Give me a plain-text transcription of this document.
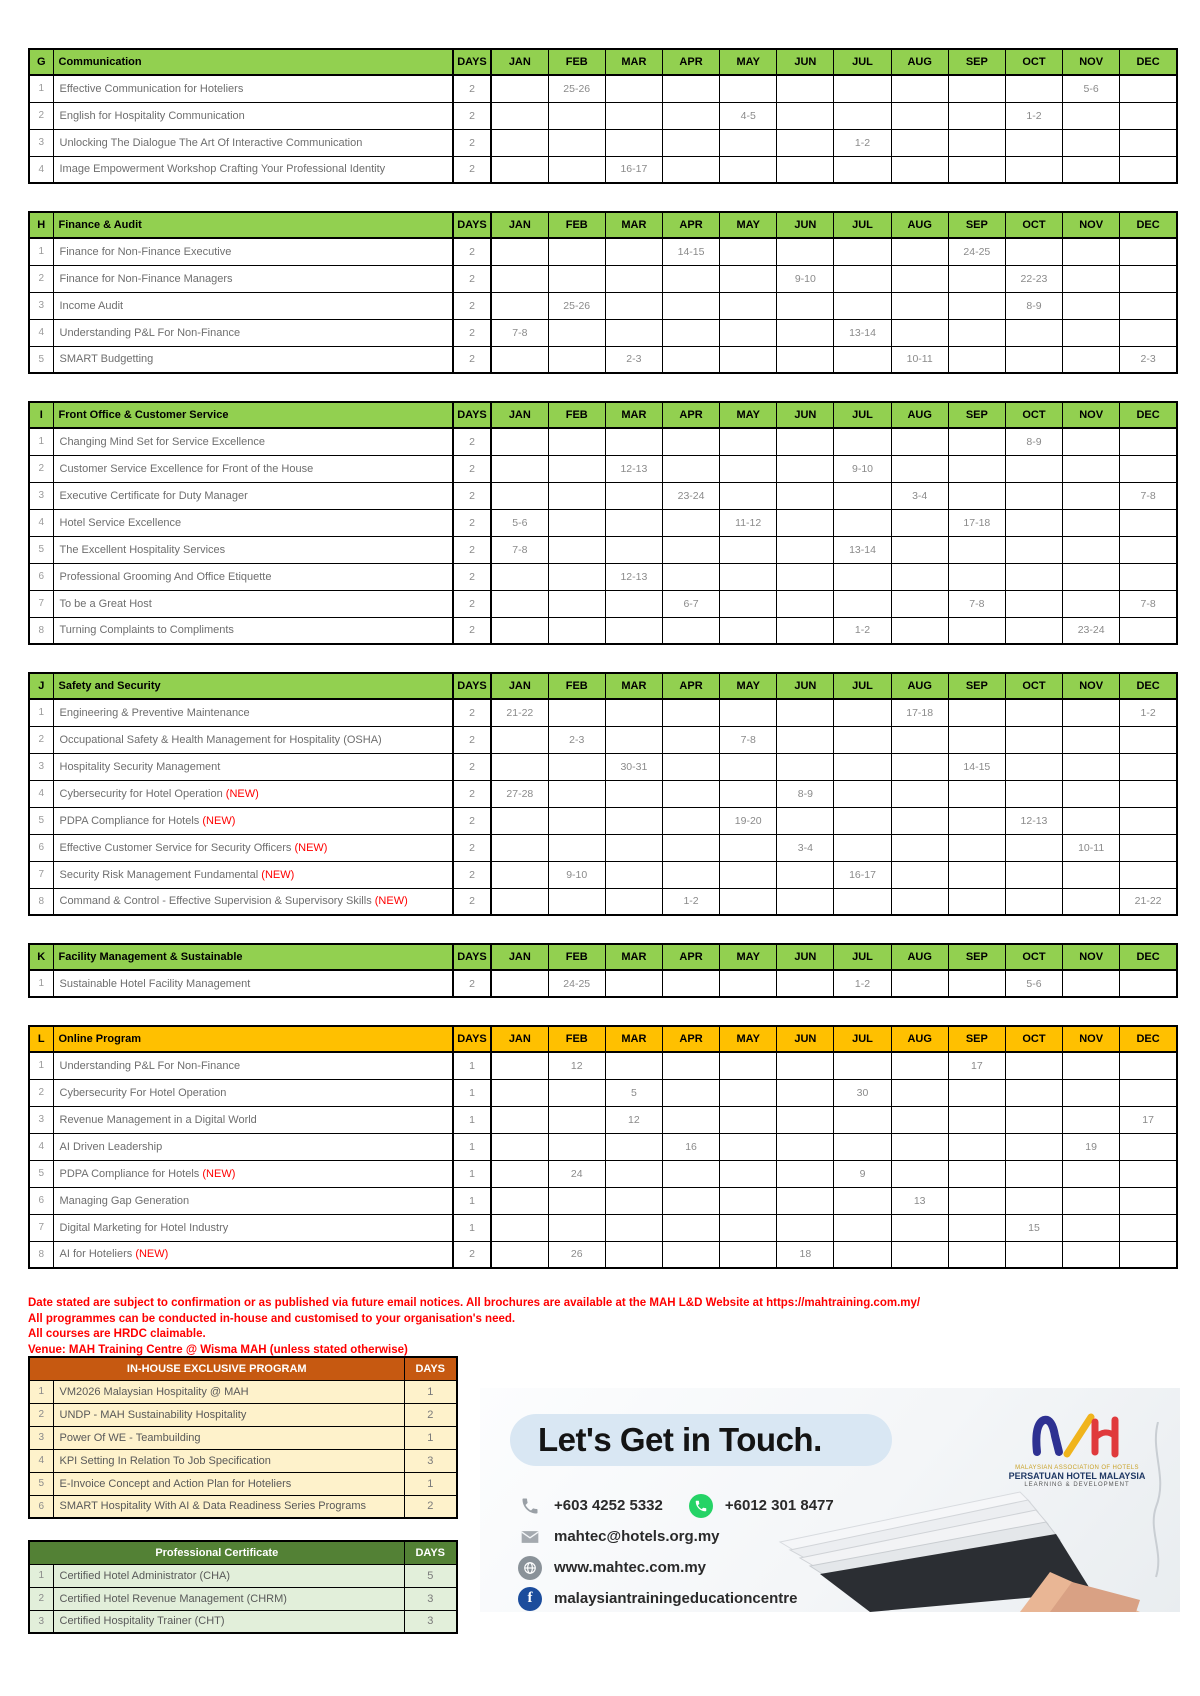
G	Communication	DAYS	JAN	FEB	MAR	APR	MAY	JUN	JUL	AUG	SEP	OCT	NOV	DEC
1	Effective Communication for Hoteliers	2		25-26									5-6	
2	English for Hospitality Communication	2					4-5					1-2		
3	Unlocking The Dialogue The Art Of Interactive Communication	2							1-2					
4	Image Empowerment Workshop Crafting Your Professional Identity	2			16-17									
H	Finance & Audit	DAYS	JAN	FEB	MAR	APR	MAY	JUN	JUL	AUG	SEP	OCT	NOV	DEC
1	Finance for Non-Finance Executive	2				14-15					24-25			
2	Finance for Non-Finance Managers	2						9-10				22-23		
3	Income Audit	2		25-26								8-9		
4	Understanding P&L For Non-Finance	2	7-8						13-14					
5	SMART Budgetting	2			2-3					10-11				2-3
I	Front Office & Customer Service	DAYS	JAN	FEB	MAR	APR	MAY	JUN	JUL	AUG	SEP	OCT	NOV	DEC
1	Changing Mind Set for Service Excellence	2										8-9		
2	Customer Service Excellence for Front of the House	2			12-13				9-10					
3	Executive Certificate for Duty Manager	2				23-24				3-4				7-8
4	Hotel Service Excellence	2	5-6				11-12				17-18			
5	The Excellent Hospitality Services	2	7-8						13-14					
6	Professional Grooming And Office Etiquette	2			12-13									
7	To be a Great Host	2				6-7					7-8			7-8
8	Turning Complaints to Compliments	2							1-2				23-24	
J	Safety and Security	DAYS	JAN	FEB	MAR	APR	MAY	JUN	JUL	AUG	SEP	OCT	NOV	DEC
1	Engineering & Preventive Maintenance	2	21-22							17-18				1-2
2	Occupational Safety & Health Management for Hospitality (OSHA)	2		2-3			7-8							
3	Hospitality Security Management	2			30-31						14-15			
4	Cybersecurity for Hotel Operation (NEW)	2	27-28					8-9						
5	PDPA Compliance for Hotels (NEW)	2					19-20					12-13		
6	Effective Customer Service for Security Officers (NEW)	2						3-4					10-11	
7	Security Risk Management Fundamental (NEW)	2		9-10					16-17					
8	Command & Control - Effective Supervision & Supervisory Skills (NEW)	2				1-2								21-22
K	Facility Management & Sustainable	DAYS	JAN	FEB	MAR	APR	MAY	JUN	JUL	AUG	SEP	OCT	NOV	DEC
1	Sustainable Hotel Facility Management	2		24-25					1-2			5-6		
L	Online Program	DAYS	JAN	FEB	MAR	APR	MAY	JUN	JUL	AUG	SEP	OCT	NOV	DEC
1	Understanding P&L For Non-Finance	1		12							17			
2	Cybersecurity For Hotel Operation	1			5				30					
3	Revenue Management in a Digital World	1			12									17
4	AI Driven Leadership	1				16							19	
5	PDPA Compliance for Hotels (NEW)	1		24					9					
6	Managing Gap Generation	1								13				
7	Digital Marketing for Hotel Industry	1										15		
8	AI for Hoteliers (NEW)	2		26				18						
Date stated are subject to confirmation or as published via future email notices. All brochures are available at the MAH L&D Website at https://mahtraining.com.my/
All programmes can be conducted in-house and customised to your organisation's need.
All courses are HRDC claimable.
Venue: MAH Training Centre @ Wisma MAH (unless stated otherwise)
IN-HOUSE EXCLUSIVE PROGRAM		DAYS
1	VM2026 Malaysian Hospitality @ MAH	1
2	UNDP - MAH Sustainability Hospitality	2
3	Power Of WE - Teambuilding	1
4	KPI Setting In Relation To Job Specification	3
5	E-Invoice Concept and Action Plan for Hoteliers	1
6	SMART Hospitality With AI & Data Readiness Series Programs	2
Professional Certificate		DAYS
1	Certified Hotel Administrator (CHA)	5
2	Certified Hotel Revenue Management (CHRM)	3
3	Certified Hospitality Trainer (CHT)	3
Let's Get in Touch.
MALAYSIAN ASSOCIATION OF HOTELS
PERSATUAN HOTEL MALAYSIA
LEARNING & DEVELOPMENT
+603 4252 5332	+6012 301 8477
mahtec@hotels.org.my
www.mahtec.com.my
f	malaysiantrainingeducationcentre
